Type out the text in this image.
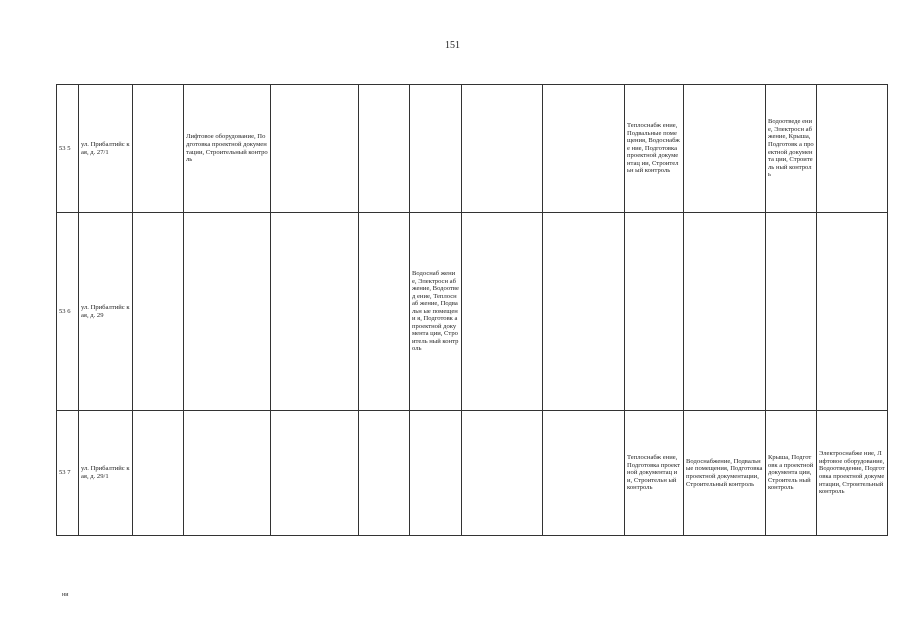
151
53 5	ул. Прибалтийс кая, д. 27/1		Лифтовое оборудование, Подготовка проектной документации, Строительный контроль						Теплоснабж ение, Подвальные помещения, Водоснабже ние, Подготовка проектной документац ии, Строительн ый контроль		Водоотведе ение, Электросн абжение, Крыша, Подготовк а проектной документа ции, Строитель ный контроль	
53 6	ул. Прибалтийс кая, д. 29					Водоснаб жение, Электросн абжение, Водоотвед ение, Теплоснаб жение, Подвальн ые помещени я, Подготовк а проектной документа ции, Строитель ный контроль						
53 7	ул. Прибалтийс кая, д. 29/1								Теплоснабж ение, Подготовка проектной документац ии, Строительн ый контроль	Водоснабжение, Подвальные помещения, Подготовка проектной документации, Строительный контроль	Крыша, Подготовк а проектной документа ции, Строитель ный контроль	Электроснабже ние, Лифтовое оборудование, Водоотведение, Подготовка проектной документации, Строительный контроль
ни
